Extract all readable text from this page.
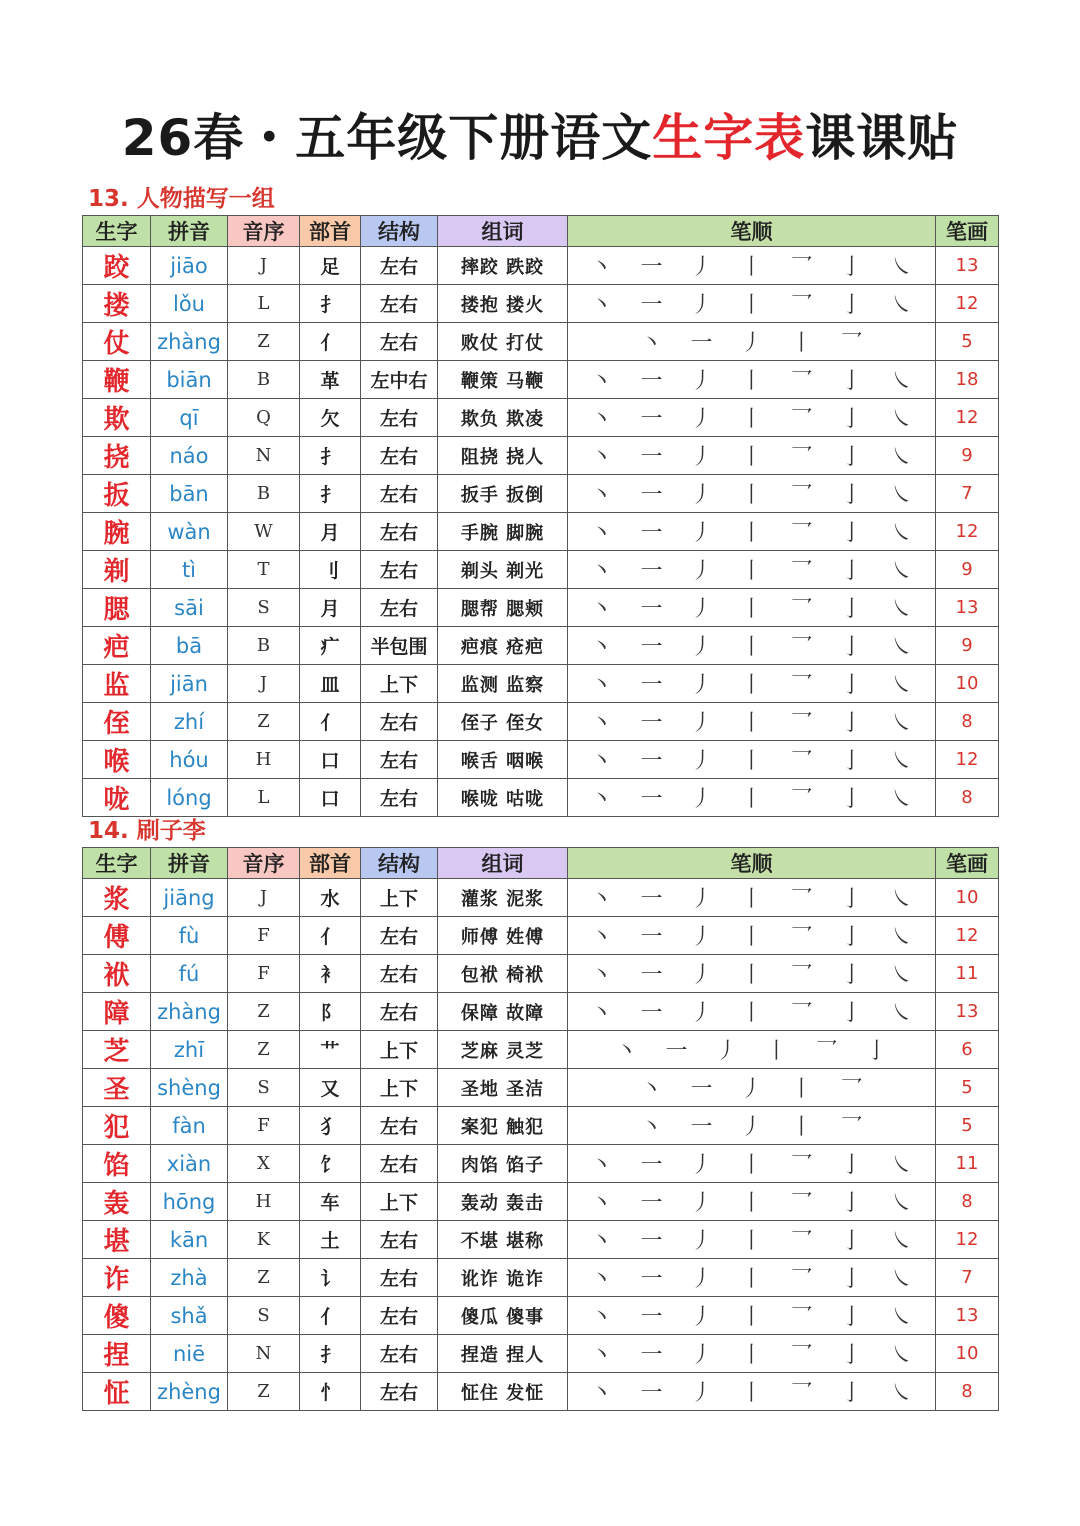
26春・五年级下册语文生字表课课贴
13. 人物描写一组
生字	拼音	音序	部首	结构	组词	笔顺	笔画
跤	jiāo	J	足	左右	摔跤 跌跤	丶 一 丿 丨 乛 亅 ㇏	13
搂	lǒu	L	扌	左右	搂抱 搂火	丶 一 丿 丨 乛 亅 ㇏	12
仗	zhàng	Z	亻	左右	败仗 打仗	丶 一 丿 丨 乛	5
鞭	biān	B	革	左中右	鞭策 马鞭	丶 一 丿 丨 乛 亅 ㇏	18
欺	qī	Q	欠	左右	欺负 欺凌	丶 一 丿 丨 乛 亅 ㇏	12
挠	náo	N	扌	左右	阻挠 挠人	丶 一 丿 丨 乛 亅 ㇏	9
扳	bān	B	扌	左右	扳手 扳倒	丶 一 丿 丨 乛 亅 ㇏	7
腕	wàn	W	月	左右	手腕 脚腕	丶 一 丿 丨 乛 亅 ㇏	12
剃	tì	T	刂	左右	剃头 剃光	丶 一 丿 丨 乛 亅 ㇏	9
腮	sāi	S	月	左右	腮帮 腮颊	丶 一 丿 丨 乛 亅 ㇏	13
疤	bā	B	疒	半包围	疤痕 疮疤	丶 一 丿 丨 乛 亅 ㇏	9
监	jiān	J	皿	上下	监测 监察	丶 一 丿 丨 乛 亅 ㇏	10
侄	zhí	Z	亻	左右	侄子 侄女	丶 一 丿 丨 乛 亅 ㇏	8
喉	hóu	H	口	左右	喉舌 咽喉	丶 一 丿 丨 乛 亅 ㇏	12
咙	lóng	L	口	左右	喉咙 咕咙	丶 一 丿 丨 乛 亅 ㇏	8
14. 刷子李
生字	拼音	音序	部首	结构	组词	笔顺	笔画
浆	jiāng	J	水	上下	灌浆 泥浆	丶 一 丿 丨 乛 亅 ㇏	10
傅	fù	F	亻	左右	师傅 姓傅	丶 一 丿 丨 乛 亅 ㇏	12
袱	fú	F	衤	左右	包袱 椅袱	丶 一 丿 丨 乛 亅 ㇏	11
障	zhàng	Z	阝	左右	保障 故障	丶 一 丿 丨 乛 亅 ㇏	13
芝	zhī	Z	艹	上下	芝麻 灵芝	丶 一 丿 丨 乛 亅	6
圣	shèng	S	又	上下	圣地 圣洁	丶 一 丿 丨 乛	5
犯	fàn	F	犭	左右	案犯 触犯	丶 一 丿 丨 乛	5
馅	xiàn	X	饣	左右	肉馅 馅子	丶 一 丿 丨 乛 亅 ㇏	11
轰	hōng	H	车	上下	轰动 轰击	丶 一 丿 丨 乛 亅 ㇏	8
堪	kān	K	土	左右	不堪 堪称	丶 一 丿 丨 乛 亅 ㇏	12
诈	zhà	Z	讠	左右	讹诈 诡诈	丶 一 丿 丨 乛 亅 ㇏	7
傻	shǎ	S	亻	左右	傻瓜 傻事	丶 一 丿 丨 乛 亅 ㇏	13
捏	niē	N	扌	左右	捏造 捏人	丶 一 丿 丨 乛 亅 ㇏	10
怔	zhèng	Z	忄	左右	怔住 发怔	丶 一 丿 丨 乛 亅 ㇏	8
